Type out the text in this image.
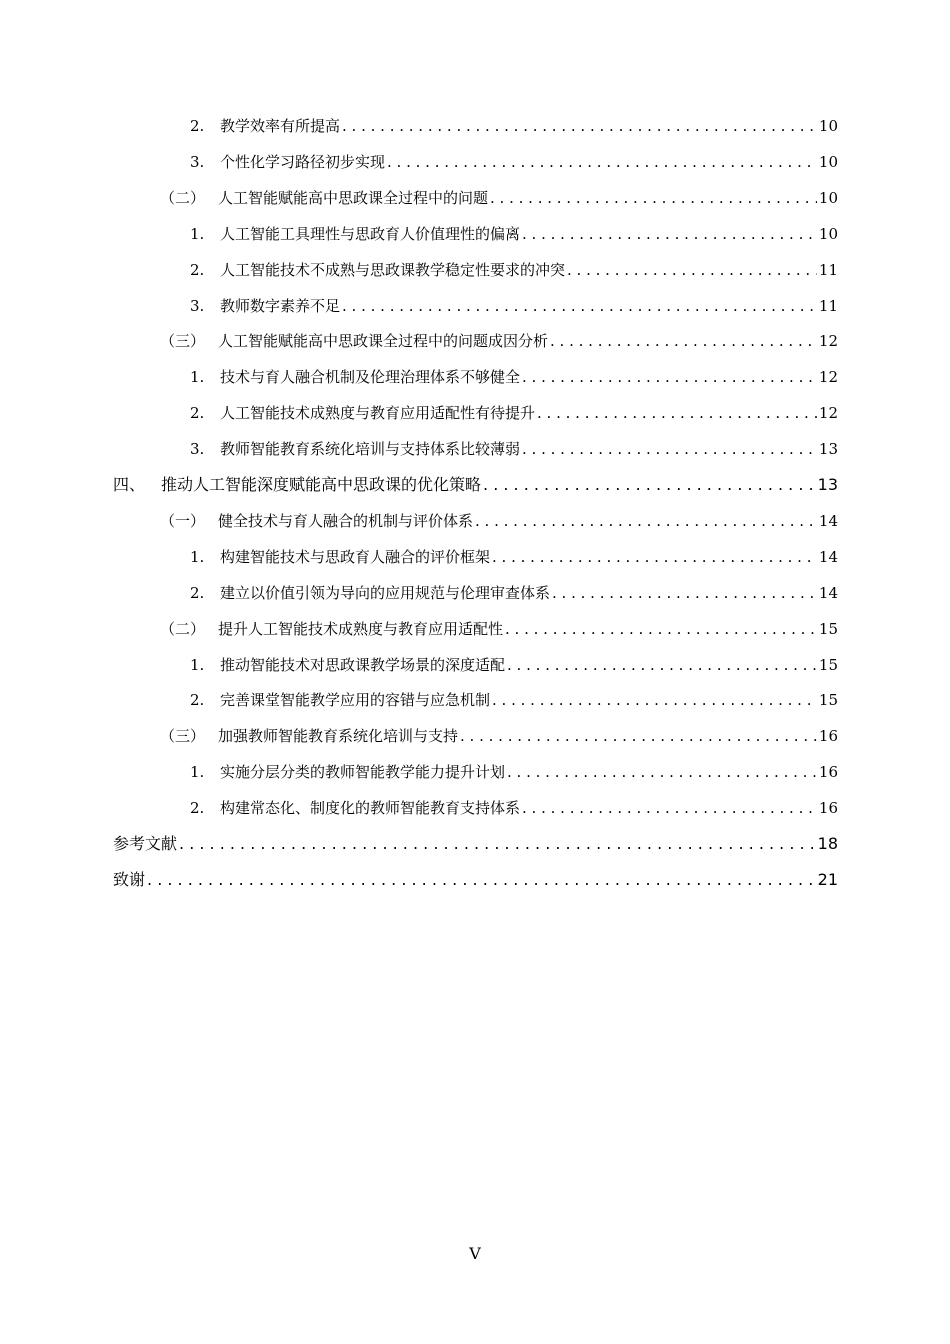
2.	教学效率有所提高 . . .	10
3.	个性化学习路径初步实现 . . .	10
（二） 人工智能赋能高中思政课全过程中的问题 . . .	10
1.	人工智能工具理性与思政育人价值理性的偏离 . . .	10
2.	人工智能技术不成熟与思政课教学稳定性要求的冲突 . . .	11
3.	教师数字素养不足 . . .	11
（三） 人工智能赋能高中思政课全过程中的问题成因分析 . . .	12
1.	技术与育人融合机制及伦理治理体系不够健全 . . .	12
2.	人工智能技术成熟度与教育应用适配性有待提升 . . .	12
3.	教师智能教育系统化培训与支持体系比较薄弱 . . .	13
四、 推动人工智能深度赋能高中思政课的优化策略 . . .	13
（一） 健全技术与育人融合的机制与评价体系 . . .	14
1.	构建智能技术与思政育人融合的评价框架 . . .	14
2.	建立以价值引领为导向的应用规范与伦理审查体系 . . .	14
（二） 提升人工智能技术成熟度与教育应用适配性 . . .	15
1.	推动智能技术对思政课教学场景的深度适配 . . .	15
2.	完善课堂智能教学应用的容错与应急机制 . . .	15
（三） 加强教师智能教育系统化培训与支持 . . .	16
1.	实施分层分类的教师智能教学能力提升计划 . . .	16
2.	构建常态化、制度化的教师智能教育支持体系 . . .	16
参考文献 . . .	18
致谢 . . .	21
V
